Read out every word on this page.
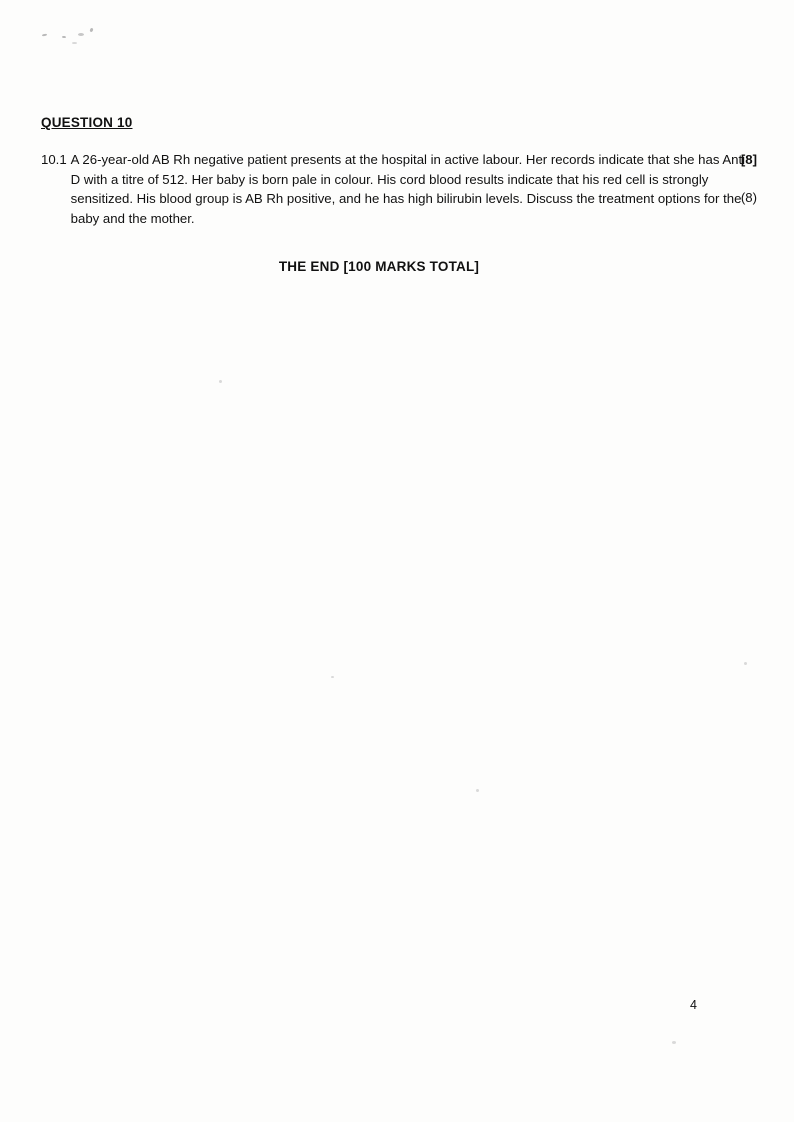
QUESTION 10
10.1 A 26-year-old AB Rh negative patient presents at the hospital in active labour. Her records indicate that she has Anti D with a titre of 512. Her baby is born pale in colour. His cord blood results indicate that his red cell is strongly sensitized. His blood group is AB Rh positive, and he has high bilirubin levels. Discuss the treatment options for the baby and the mother.
[8]
(8)
THE END [100 MARKS TOTAL]
4
